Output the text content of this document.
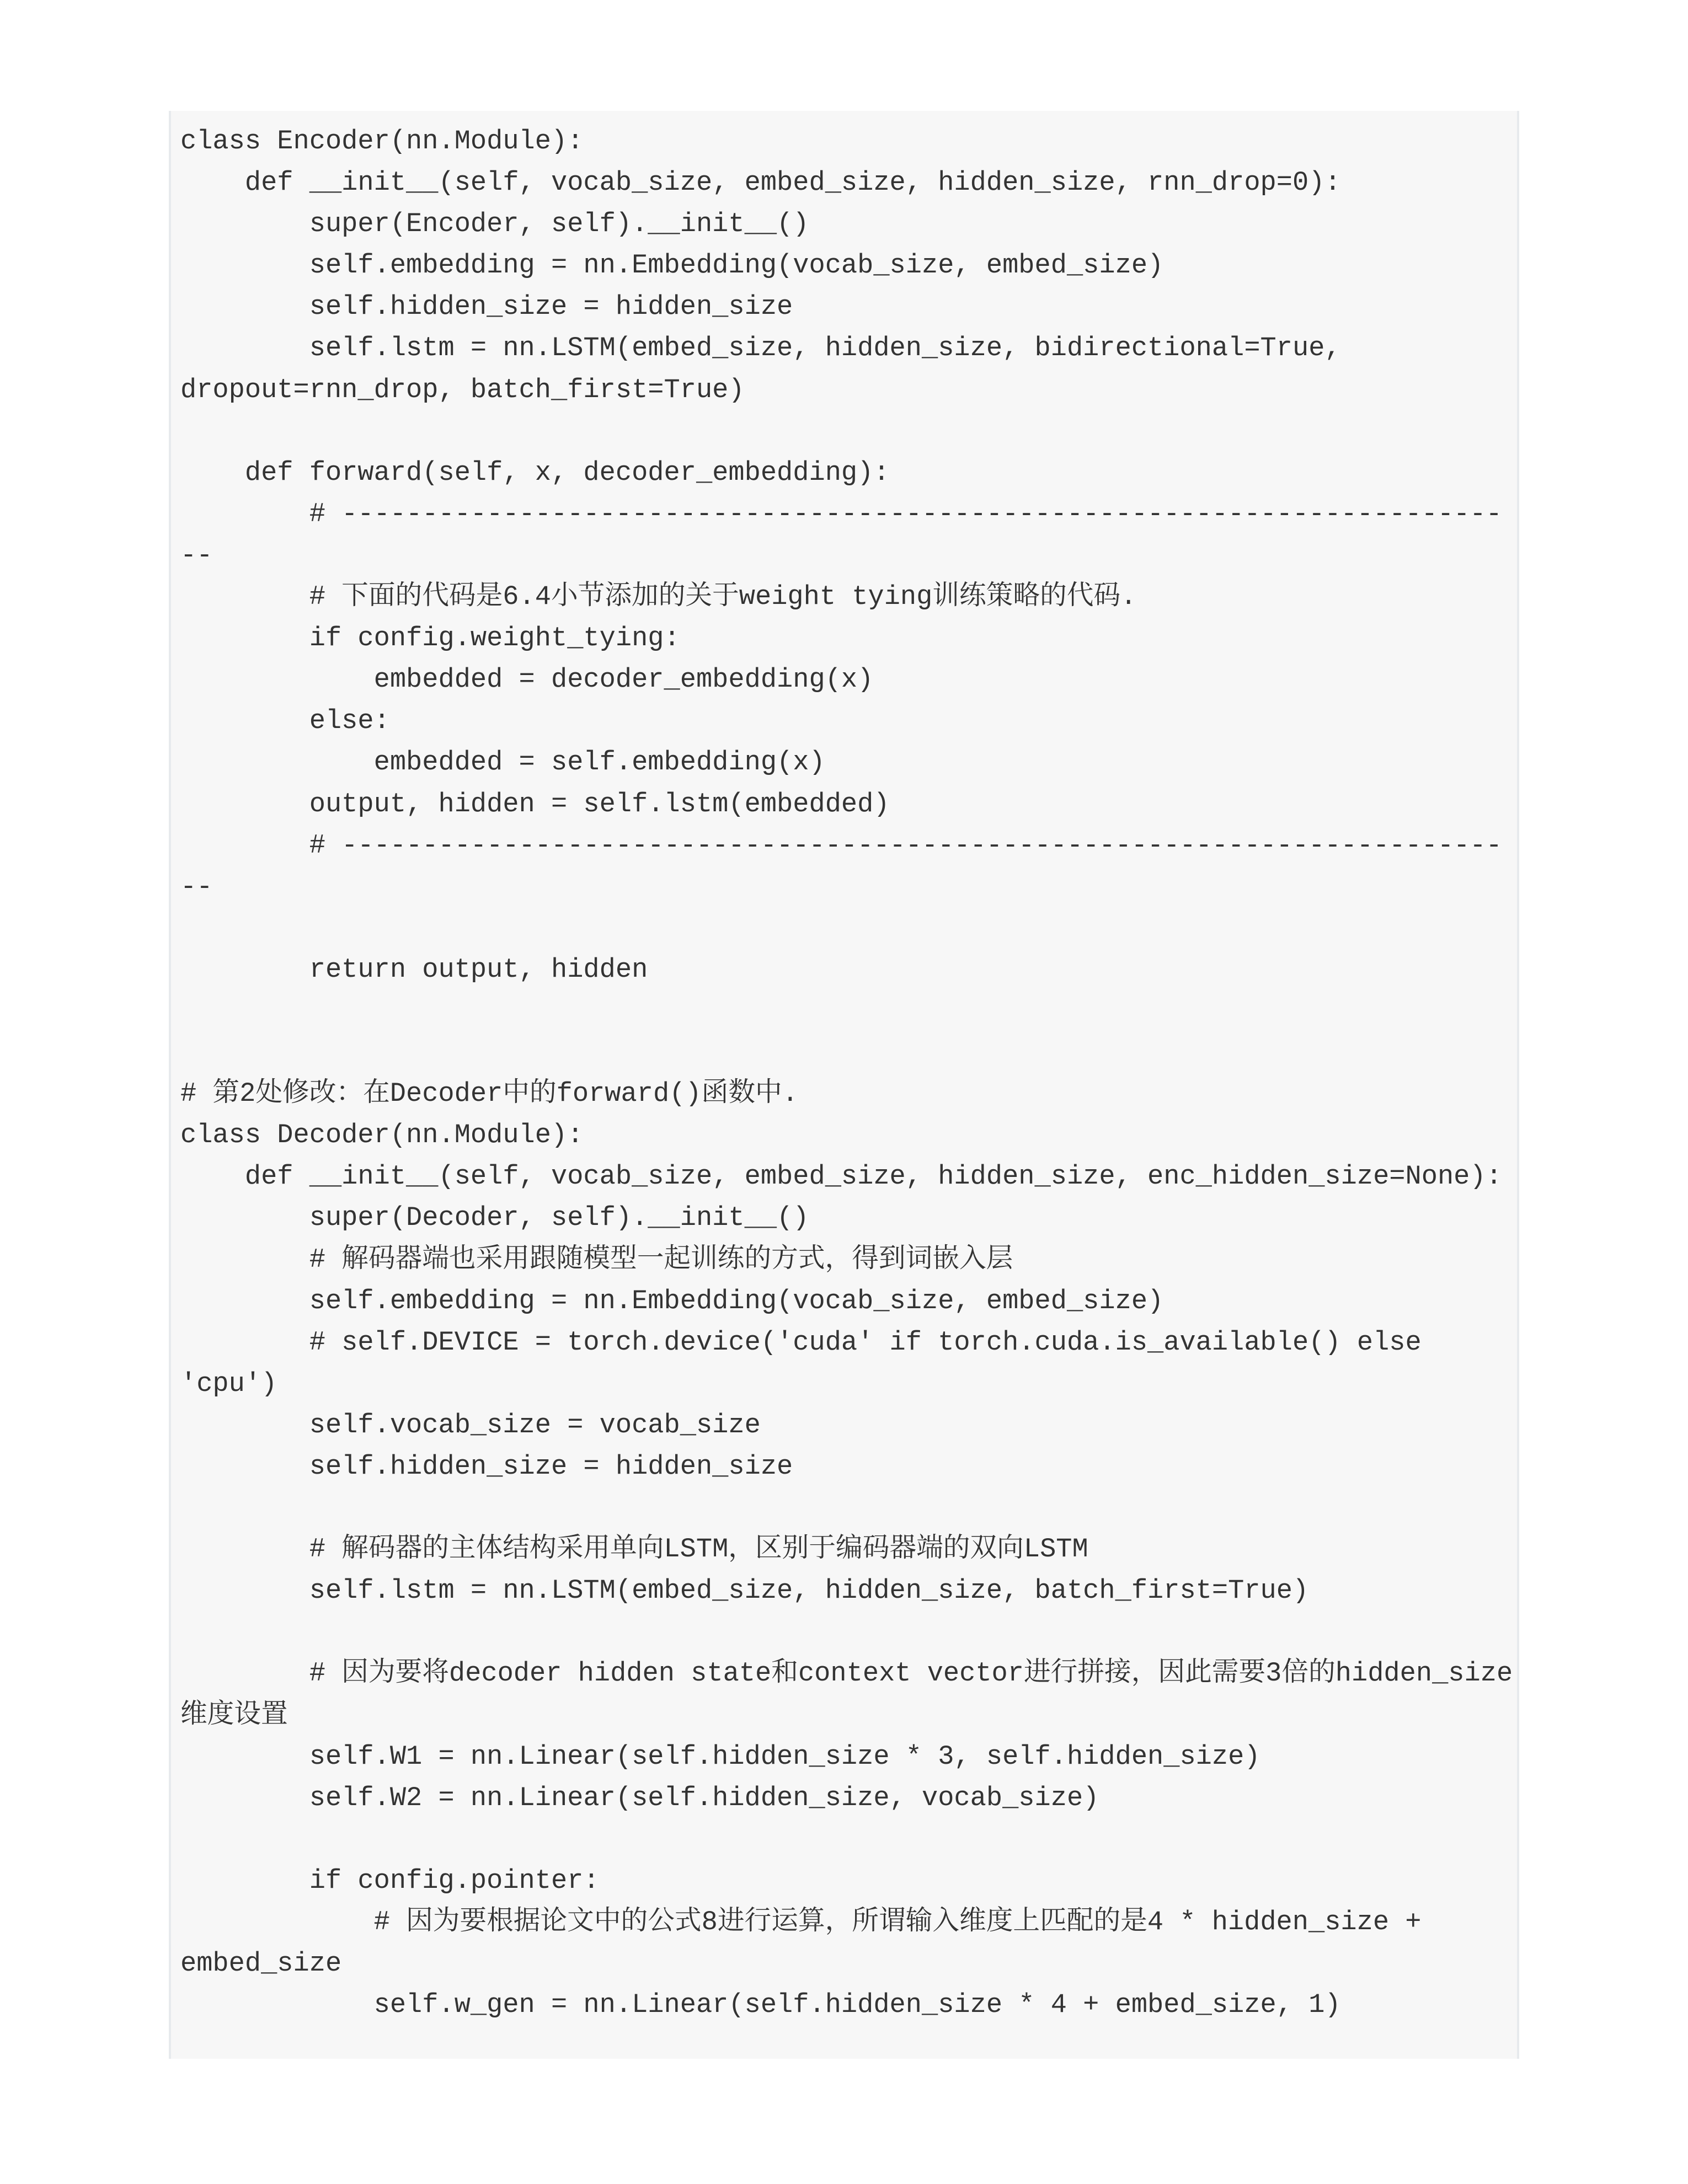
class Encoder(nn.Module):
def __init__(self, vocab_size, embed_size, hidden_size, rnn_drop=0):
super(Encoder, self).__init__()
self.embedding = nn.Embedding(vocab_size, embed_size)
self.hidden_size = hidden_size
self.lstm = nn.LSTM(embed_size, hidden_size, bidirectional=True,
dropout=rnn_drop, batch_first=True)
def forward(self, x, decoder_embedding):
# ------------------------------------------------------------------------
--
# 下面的代码是6.4小节添加的关于weight tying训练策略的代码.
if config.weight_tying:
embedded = decoder_embedding(x)
else:
embedded = self.embedding(x)
output, hidden = self.lstm(embedded)
# ------------------------------------------------------------------------
--
return output, hidden
# 第2处修改：在Decoder中的forward()函数中.
class Decoder(nn.Module):
def __init__(self, vocab_size, embed_size, hidden_size, enc_hidden_size=None):
super(Decoder, self).__init__()
# 解码器端也采用跟随模型一起训练的方式，得到词嵌入层
self.embedding = nn.Embedding(vocab_size, embed_size)
# self.DEVICE = torch.device('cuda' if torch.cuda.is_available() else
'cpu')
self.vocab_size = vocab_size
self.hidden_size = hidden_size
# 解码器的主体结构采用单向LSTM，区别于编码器端的双向LSTM
self.lstm = nn.LSTM(embed_size, hidden_size, batch_first=True)
# 因为要将decoder hidden state和context vector进行拼接，因此需要3倍的hidden_size
维度设置
self.W1 = nn.Linear(self.hidden_size * 3, self.hidden_size)
self.W2 = nn.Linear(self.hidden_size, vocab_size)
if config.pointer:
# 因为要根据论文中的公式8进行运算，所谓输入维度上匹配的是4 * hidden_size +
embed_size
self.w_gen = nn.Linear(self.hidden_size * 4 + embed_size, 1)
